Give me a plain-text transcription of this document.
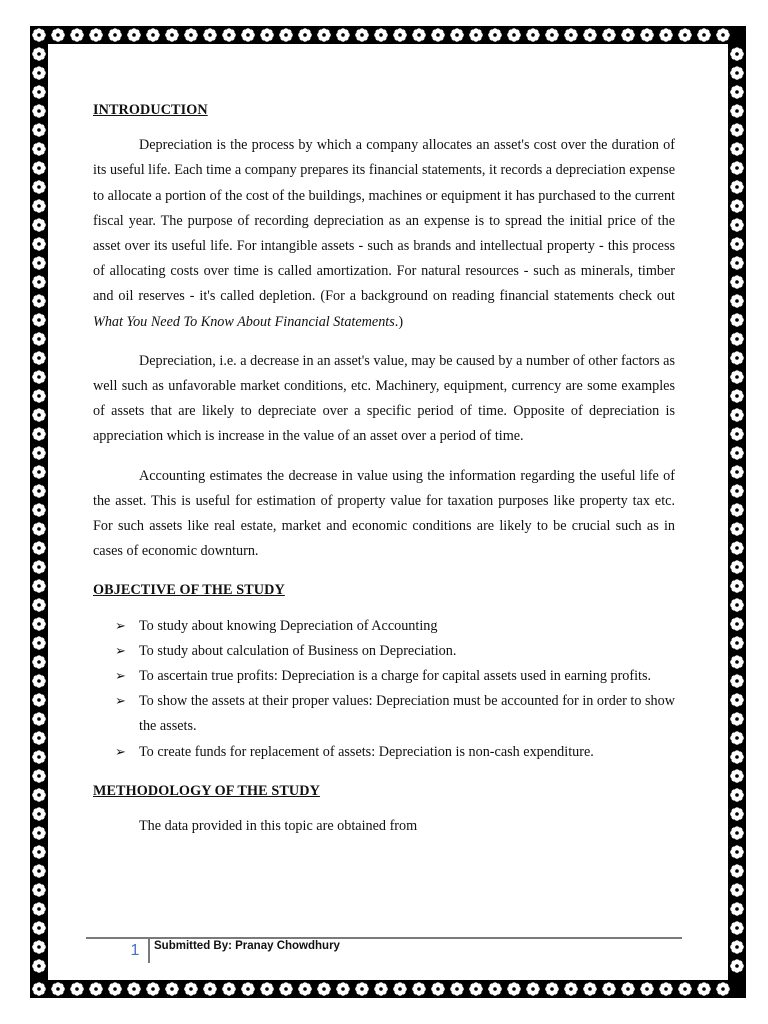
INTRODUCTION

Depreciation is the process by which a company allocates an asset's cost over the duration of its useful life. Each time a company prepares its financial statements, it records a depreciation expense to allocate a portion of the cost of the buildings, machines or equipment it has purchased to the current fiscal year. The purpose of recording depreciation as an expense is to spread the initial price of the asset over its useful life. For intangible assets - such as brands and intellectual property - this process of allocating costs over time is called amortization. For natural resources - such as minerals, timber and oil reserves - it's called depletion. (For a background on reading financial statements check out What You Need To Know About Financial Statements.)

Depreciation, i.e. a decrease in an asset's value, may be caused by a number of other factors as well such as unfavorable market conditions, etc. Machinery, equipment, currency are some examples of assets that are likely to depreciate over a specific period of time. Opposite of depreciation is appreciation which is increase in the value of an asset over a period of time.

Accounting estimates the decrease in value using the information regarding the useful life of the asset. This is useful for estimation of property value for taxation purposes like property tax etc. For such assets like real estate, market and economic conditions are likely to be crucial such as in cases of economic downturn.

OBJECTIVE OF THE STUDY
➢ To study about knowing Depreciation of Accounting
➢ To study about calculation of Business on Depreciation.
➢ To ascertain true profits: Depreciation is a charge for capital assets used in earning profits.
➢ To show the assets at their proper values: Depreciation must be accounted for in order to show the assets.
➢ To create funds for replacement of assets: Depreciation is non-cash expenditure.
METHODOLOGY OF THE STUDY

The data provided in this topic are obtained from

1	Submitted By: Pranay Chowdhury
